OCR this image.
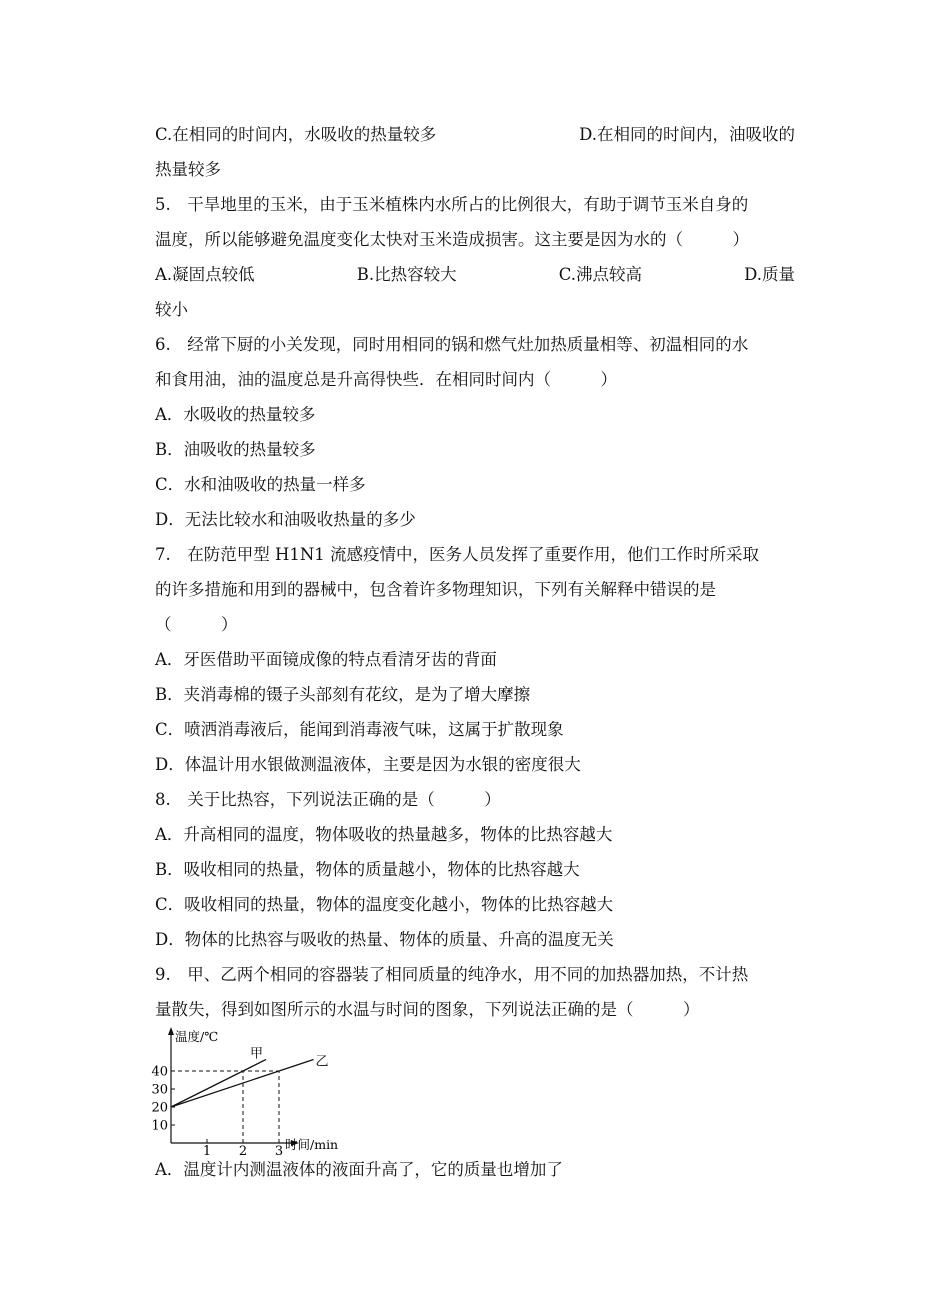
C.在相同的时间内，水吸收的热量较多	D.在相同的时间内，油吸收的
热量较多
5.　干旱地里的玉米，由于玉米植株内水所占的比例很大，有助于调节玉米自身的
温度，所以能够避免温度变化太快对玉米造成损害。这主要是因为水的（　　　）
A.凝固点较低	B.比热容较大	C.沸点较高	D.质量
较小
6.　经常下厨的小关发现，同时用相同的锅和燃气灶加热质量相等、初温相同的水
和食用油，油的温度总是升高得快些．在相同时间内（　　　）
A．水吸收的热量较多
B．油吸收的热量较多
C．水和油吸收的热量一样多
D．无法比较水和油吸收热量的多少
7.　在防范甲型 H1N1 流感疫情中，医务人员发挥了重要作用，他们工作时所采取
的许多措施和用到的器械中，包含着许多物理知识，下列有关解释中错误的是
（　　　）
A．牙医借助平面镜成像的特点看清牙齿的背面
B．夹消毒棉的镊子头部刻有花纹，是为了增大摩擦
C．喷洒消毒液后，能闻到消毒液气味，这属于扩散现象
D．体温计用水银做测温液体，主要是因为水银的密度很大
8.　关于比热容，下列说法正确的是（　　　）
A．升高相同的温度，物体吸收的热量越多，物体的比热容越大
B．吸收相同的热量，物体的质量越小，物体的比热容越大
C．吸收相同的热量，物体的温度变化越小，物体的比热容越大
D．物体的比热容与吸收的热量、物体的质量、升高的温度无关
9.　甲、乙两个相同的容器装了相同质量的纯净水，用不同的加热器加热，不计热
量散失，得到如图所示的水温与时间的图象，下列说法正确的是（　　　）
温度/℃
时间/min
甲
乙
10
20
30
40
1 2 3
A．温度计内测温液体的液面升高了，它的质量也增加了
